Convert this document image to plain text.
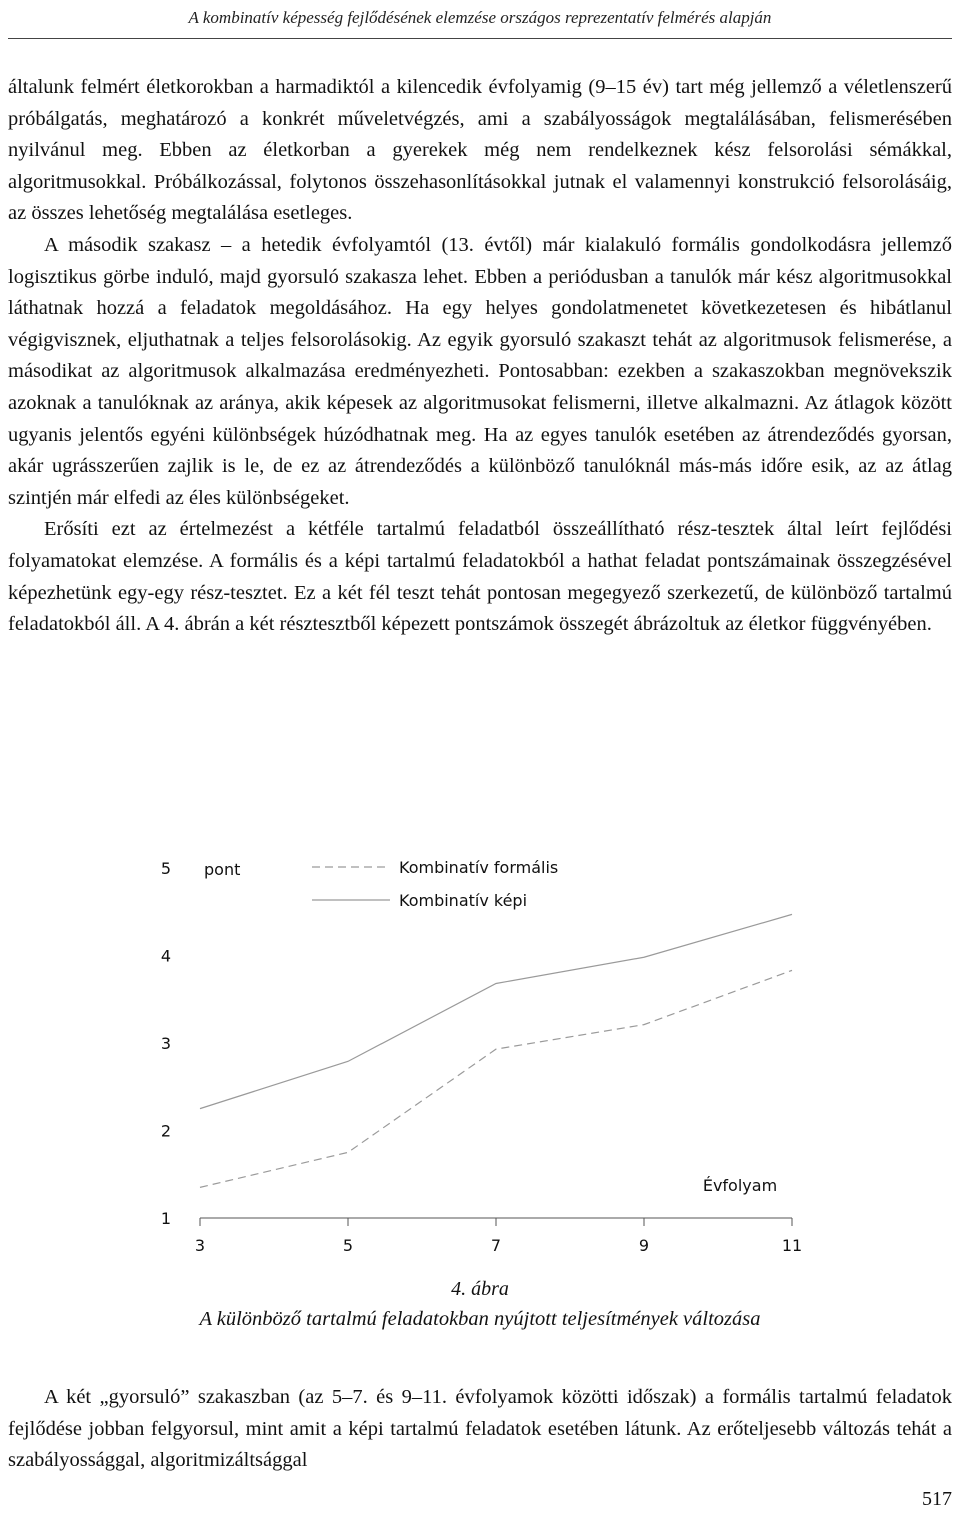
A kombinatív képesség fejlődésének elemzése országos reprezentatív felmérés alapján

általunk felmért életkorokban a harmadiktól a kilencedik évfolyamig (9–15 év) tart még jellemző a véletlenszerű próbálgatás, meghatározó a konkrét műveletvégzés, ami a szabályosságok megtalálásában, felismerésében nyilvánul meg. Ebben az életkorban a gyerekek még nem rendelkeznek kész felsorolási sémákkal, algoritmusokkal. Próbálkozással, folytonos összehasonlításokkal jutnak el valamennyi konstrukció felsorolásáig, az összes lehetőség megtalálása esetleges.

A második szakasz – a hetedik évfolyamtól (13. évtől) már kialakuló formális gondolkodásra jellemző logisztikus görbe induló, majd gyorsuló szakasza lehet. Ebben a periódusban a tanulók már kész algoritmusokkal láthatnak hozzá a feladatok megoldásához. Ha egy helyes gondolatmenetet következetesen és hibátlanul végigvisznek, eljuthatnak a teljes felsorolásokig. Az egyik gyorsuló szakaszt tehát az algoritmusok felismerése, a másodikat az algoritmusok alkalmazása eredményezheti. Pontosabban: ezekben a szakaszokban megnövekszik azoknak a tanulóknak az aránya, akik képesek az algoritmusokat felismerni, illetve alkalmazni. Az átlagok között ugyanis jelentős egyéni különbségek húzódhatnak meg. Ha az egyes tanulók esetében az átrendeződés gyorsan, akár ugrásszerűen zajlik is le, de ez az átrendeződés a különböző tanulóknál más-más időre esik, az az átlag szintjén már elfedi az éles különbségeket.

Erősíti ezt az értelmezést a kétféle tartalmú feladatból összeállítható rész-tesztek által leírt fejlődési folyamatokat elemzése. A formális és a képi tartalmú feladatokból a hathat feladat pontszámainak összegzésével képezhetünk egy-egy rész-tesztet. Ez a két fél teszt tehát pontosan megegyező szerkezetű, de különböző tartalmú feladatokból áll. A 4. ábrán a két résztesztből képezett pontszámok összegét ábrázoltuk az életkor függvényében.

3	5	7	9	11
1
2
3
4
5 pont
Évfolyam
Kombinatív formális
Kombinatív képi
4. ábra
A különböző tartalmú feladatokban nyújtott teljesítmények változása

A két „gyorsuló” szakaszban (az 5–7. és 9–11. évfolyamok közötti időszak) a formális tartalmú feladatok fejlődése jobban felgyorsul, mint amit a képi tartalmú feladatok esetében látunk. Az erőteljesebb változás tehát a szabályossággal, algoritmizáltsággal

517
